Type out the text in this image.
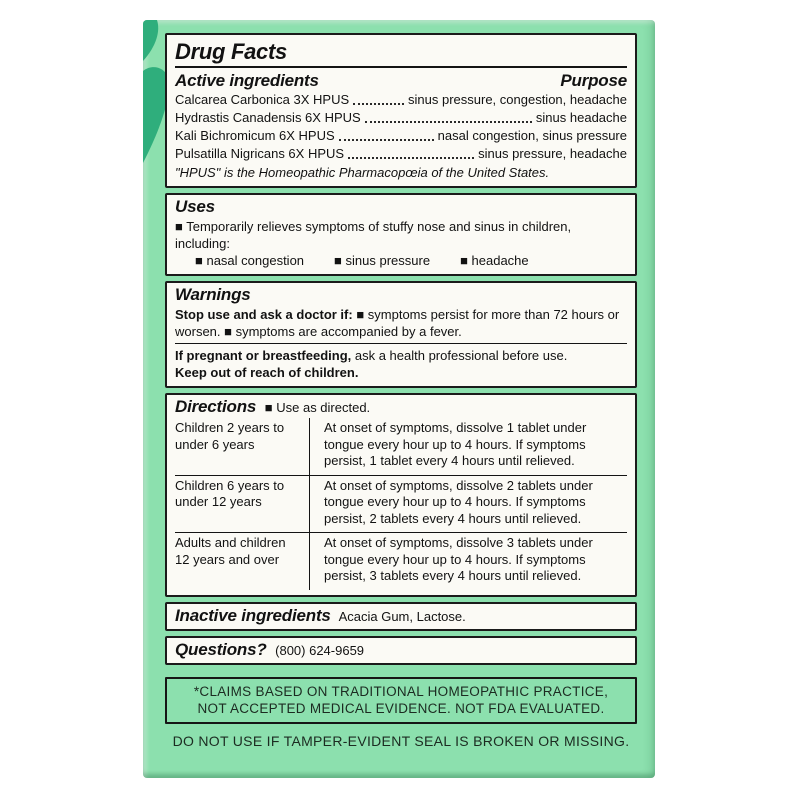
Drug Facts
Active ingredients	Purpose
Calcarea Carbonica 3X HPUS	sinus pressure, congestion, headache
Hydrastis Canadensis 6X HPUS	sinus headache
Kali Bichromicum 6X HPUS	nasal congestion, sinus pressure
Pulsatilla Nigricans 6X HPUS	sinus pressure, headache
"HPUS" is the Homeopathic Pharmacopœia of the United States.
Uses
■ Temporarily relieves symptoms of stuffy nose and sinus in children, including:
■ nasal congestion ■ sinus pressure ■ headache
Warnings

Stop use and ask a doctor if: ■ symptoms persist for more than 72 hours or worsen. ■ symptoms are accompanied by a fever.

If pregnant or breastfeeding, ask a health professional before use.

Keep out of reach of children.

Directions ■ Use as directed.
Children 2 years to under 6 years
At onset of symptoms, dissolve 1 tablet under tongue every hour up to 4 hours. If symptoms persist, 1 tablet every 4 hours until relieved.
Children 6 years to under 12 years
At onset of symptoms, dissolve 2 tablets under tongue every hour up to 4 hours. If symptoms persist, 2 tablets every 4 hours until relieved.
Adults and children 12 years and over
At onset of symptoms, dissolve 3 tablets under tongue every hour up to 4 hours. If symptoms persist, 3 tablets every 4 hours until relieved.
Inactive ingredients Acacia Gum, Lactose.
Questions? (800) 624-9659
*CLAIMS BASED ON TRADITIONAL HOMEOPATHIC PRACTICE,
NOT ACCEPTED MEDICAL EVIDENCE. NOT FDA EVALUATED.
DO NOT USE IF TAMPER-EVIDENT SEAL IS BROKEN OR MISSING.
